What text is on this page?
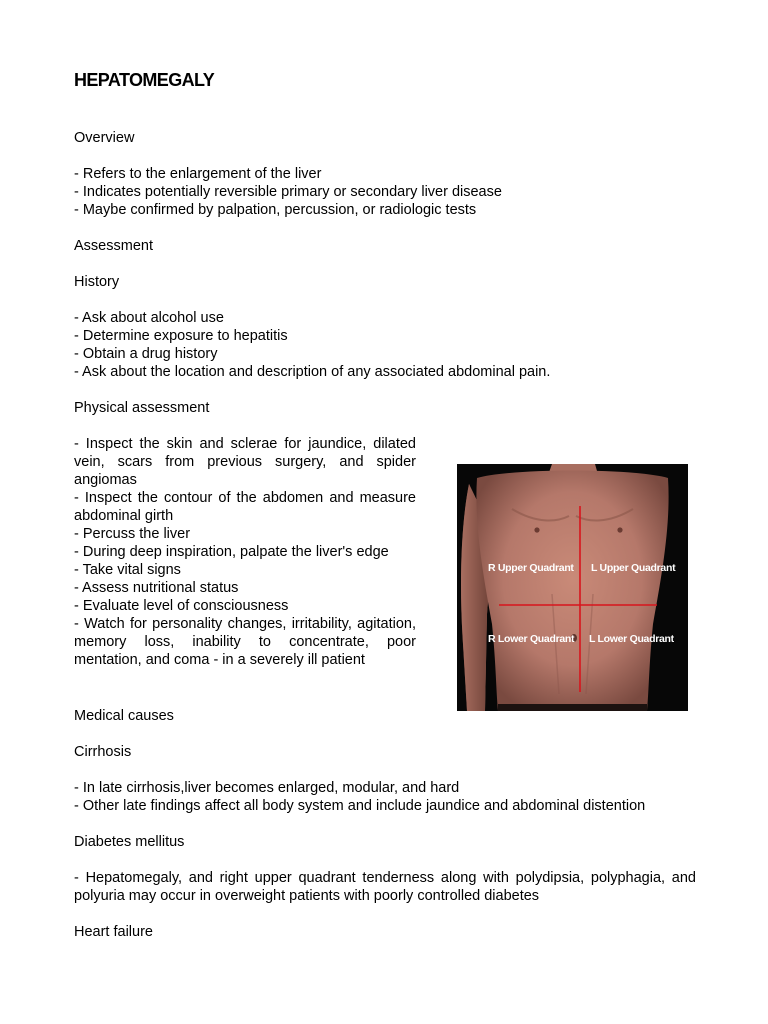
HEPATOMEGALY

Overview

- Refers to the enlargement of the liver
- Indicates potentially reversible primary or secondary liver disease
- Maybe confirmed by palpation, percussion, or radiologic tests

Assessment

History

- Ask about alcohol use
- Determine exposure to hepatitis
- Obtain a drug history
- Ask about the location and description of any associated abdominal pain.

Physical assessment

- Inspect the skin and sclerae for jaundice, dilated vein, scars from previous surgery, and spider angiomas
- Inspect the contour of the abdomen and measure abdominal girth
- Percuss the liver
- During deep inspiration, palpate the liver's edge
- Take vital signs
- Assess nutritional status
- Evaluate level of consciousness
- Watch for personality changes, irritability, agitation, memory loss, inability to concentrate, poor mentation, and coma - in a severely ill patient

Medical causes

Cirrhosis

- In late cirrhosis,liver becomes enlarged, modular, and hard
- Other late findings affect all body system and include jaundice and abdominal distention

Diabetes mellitus

- Hepatomegaly, and right upper quadrant tenderness along with polydipsia, polyphagia, and polyuria may occur in overweight patients with poorly controlled diabetes

Heart failure

R Upper Quadrant L Upper Quadrant
R Lower Quadrant L Lower Quadrant
